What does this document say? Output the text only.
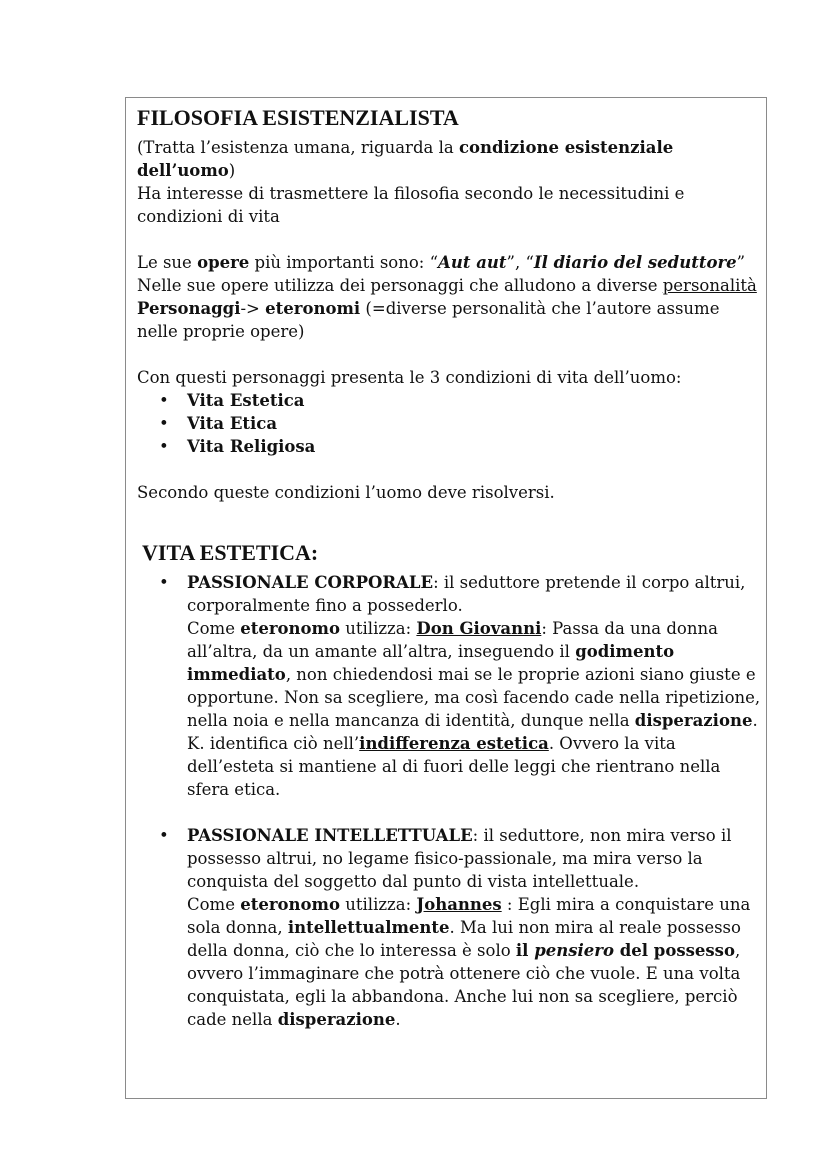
FILOSOFIA ESISTENZIALISTA

(Tratta l’esistenza umana, riguarda la condizione esistenziale dell’uomo)

Ha interesse di trasmettere la filosofia secondo le necessitudini e condizioni di vita

Le sue opere più importanti sono: “Aut aut”, “Il diario del seduttore”

Nelle sue opere utilizza dei personaggi che alludono a diverse personalità

Personaggi-> eteronomi (=diverse personalità che l’autore assume nelle proprie opere)

Con questi personaggi presenta le 3 condizioni di vita dell’uomo:

• Vita Estetica
• Vita Etica
• Vita Religiosa

Secondo queste condizioni l’uomo deve risolversi.

VITA ESTETICA:

• PASSIONALE CORPORALE: il seduttore pretende il corpo altrui, corporalmente fino a possederlo.
Come eteronomo utilizza: Don Giovanni: Passa da una donna all’altra, da un amante all’altra, inseguendo il godimento immediato, non chiedendosi mai se le proprie azioni siano giuste e opportune. Non sa scegliere, ma così facendo cade nella ripetizione, nella noia e nella mancanza di identità, dunque nella disperazione. K. identifica ciò nell’indifferenza estetica. Ovvero la vita dell’esteta si mantiene al di fuori delle leggi che rientrano nella sfera etica.
• PASSIONALE INTELLETTUALE: il seduttore, non mira verso il possesso altrui, no legame fisico-passionale, ma mira verso la conquista del soggetto dal punto di vista intellettuale.
Come eteronomo utilizza: Johannes : Egli mira a conquistare una sola donna, intellettualmente. Ma lui non mira al reale possesso della donna, ciò che lo interessa è solo il pensiero del possesso, ovvero l’immaginare che potrà ottenere ciò che vuole. E una volta conquistata, egli la abbandona. Anche lui non sa scegliere, perciò cade nella disperazione.
